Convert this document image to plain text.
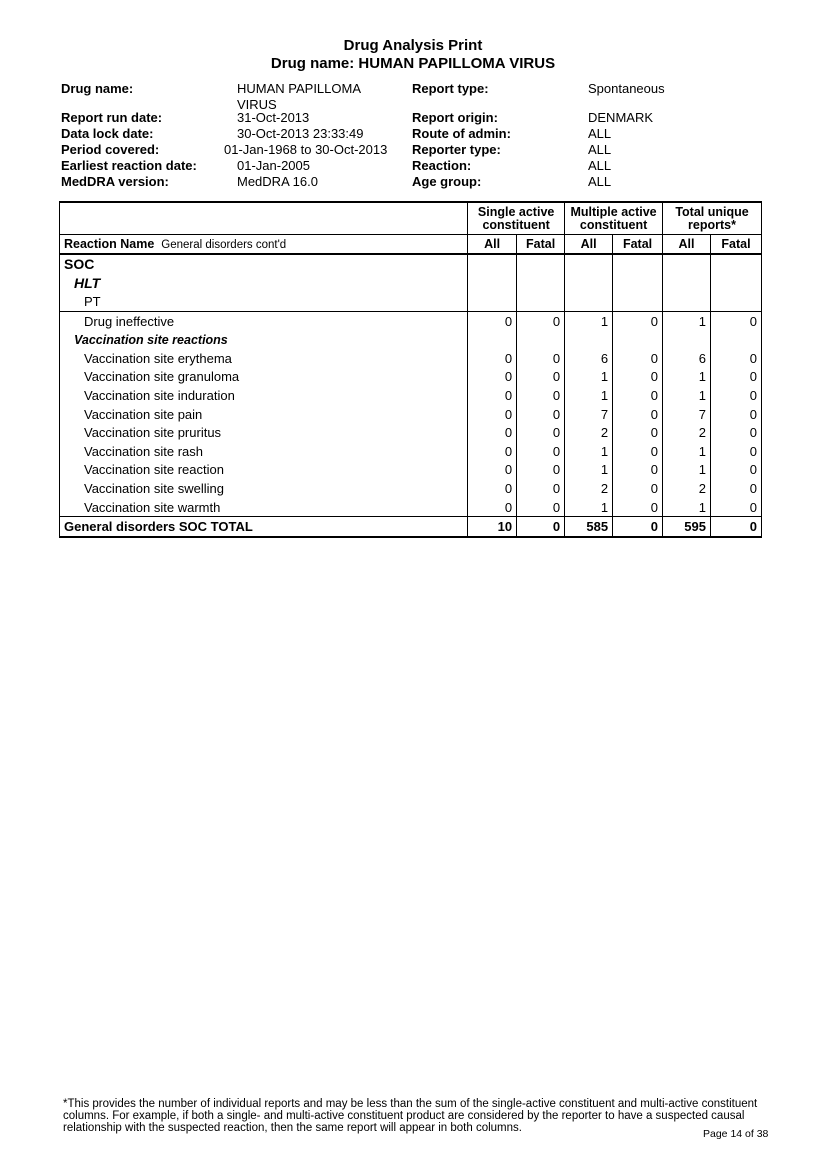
Drug Analysis Print
Drug name: HUMAN PAPILLOMA VIRUS
Drug name:	HUMAN PAPILLOMA VIRUS
Report run date:	31-Oct-2013
Data lock date:	30-Oct-2013 23:33:49
Period covered:	01-Jan-1968 to 30-Oct-2013
Earliest reaction date:	01-Jan-2005
MedDRA version:	MedDRA 16.0
Report type:	Spontaneous
Report origin:	DENMARK
Route of admin:	ALL
Reporter type:	ALL
Reaction:	ALL
Age group:	ALL
	Single active constituent		Multiple active constituent		Total unique reports*	
Reaction Name General disorders cont'd	All	Fatal	All	Fatal	All	Fatal
SOC						
HLT						
PT						
Drug ineffective	0	0	1	0	1	0
Vaccination site reactions						
Vaccination site erythema	0	0	6	0	6	0
Vaccination site granuloma	0	0	1	0	1	0
Vaccination site induration	0	0	1	0	1	0
Vaccination site pain	0	0	7	0	7	0
Vaccination site pruritus	0	0	2	0	2	0
Vaccination site rash	0	0	1	0	1	0
Vaccination site reaction	0	0	1	0	1	0
Vaccination site swelling	0	0	2	0	2	0
Vaccination site warmth	0	0	1	0	1	0
General disorders SOC TOTAL	10	0	585	0	595	0
*This provides the number of individual reports and may be less than the sum of the single-active constituent and multi-active constituent columns. For example, if both a single- and multi-active constituent product are considered by the reporter to have a suspected causal relationship with the suspected reaction, then the same report will appear in both columns.	Page 14 of 38
